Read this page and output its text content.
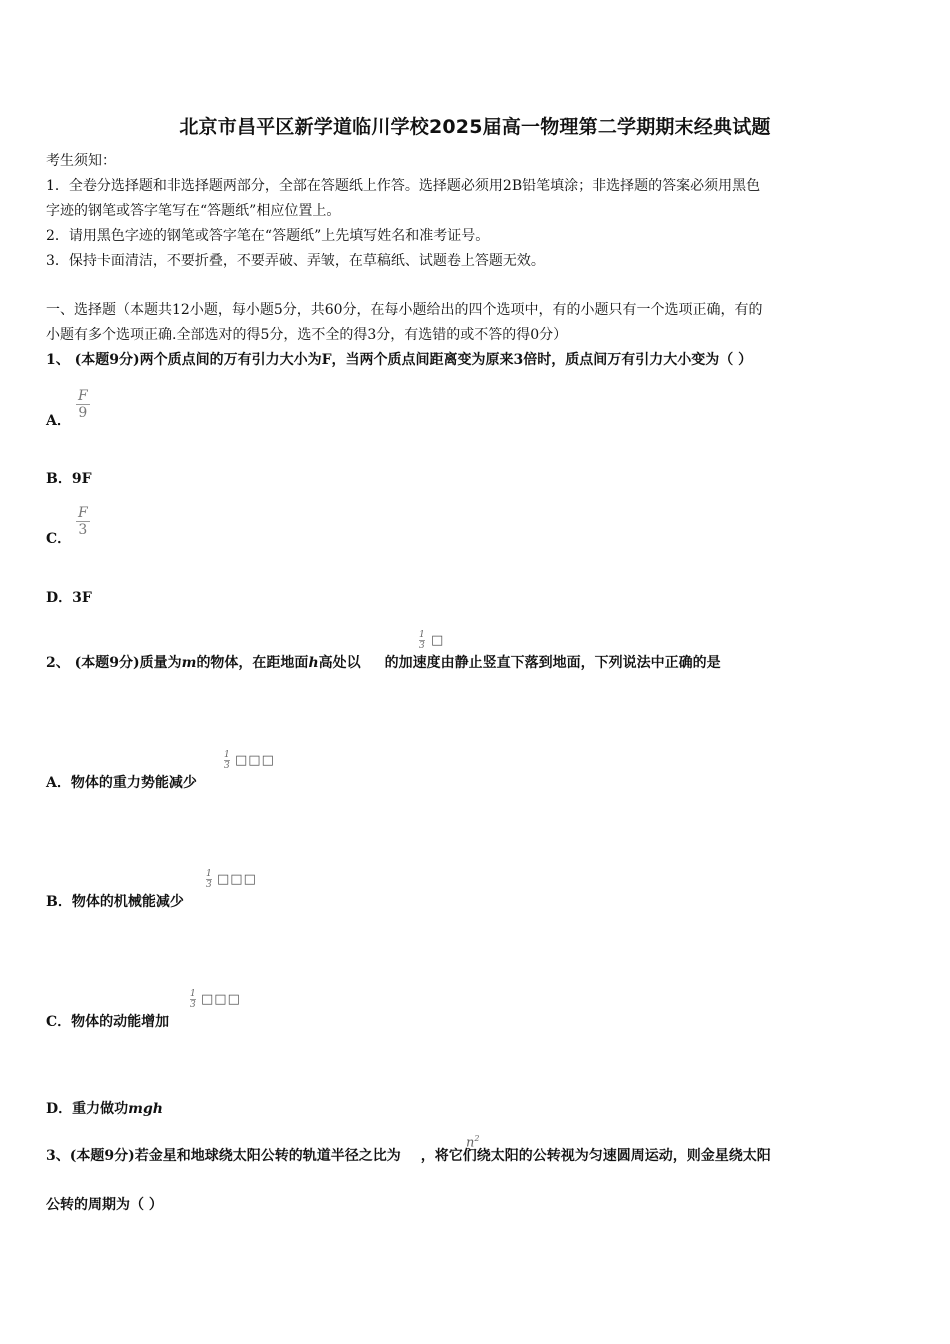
北京市昌平区新学道临川学校2025届高一物理第二学期期末经典试题
考生须知：
1．全卷分选择题和非选择题两部分，全部在答题纸上作答。选择题必须用2B铅笔填涂；非选择题的答案必须用黑色
字迹的钢笔或答字笔写在“答题纸”相应位置上。
2．请用黑色字迹的钢笔或答字笔在“答题纸”上先填写姓名和准考证号。
3．保持卡面清洁，不要折叠，不要弄破、弄皱，在草稿纸、试题卷上答题无效。
一、选择题（本题共12小题，每小题5分，共60分，在每小题给出的四个选项中，有的小题只有一个选项正确，有的
小题有多个选项正确.全部选对的得5分，选不全的得3分，有选错的或不答的得0分）
1、 (本题9分)两个质点间的万有引力大小为F，当两个质点间距离变为原来3倍时，质点间万有引力大小变为（ ）
A． $\frac{F}{9}$
B．9F
C．
$\frac{F}{3}$
D．3F
2、 (本题9分)质量为m的物体，在距地面h高处以 的加速度由静止竖直下落到地面，下列说法中正确的是
$\frac{1}{3}$ □
A．物体的重力势能减少
$\frac{1}{3}$ □□□
B．物体的机械能减少
$\frac{1}{3}$ □□□
C．物体的动能增加
$\frac{1}{3}$ □□□
D．重力做功mgh
3、(本题9分)若金星和地球绕太阳公转的轨道半径之比为 ，将它们绕太阳的公转视为匀速圆周运动，则金星绕太阳
$n^2$
公转的周期为（ ）
